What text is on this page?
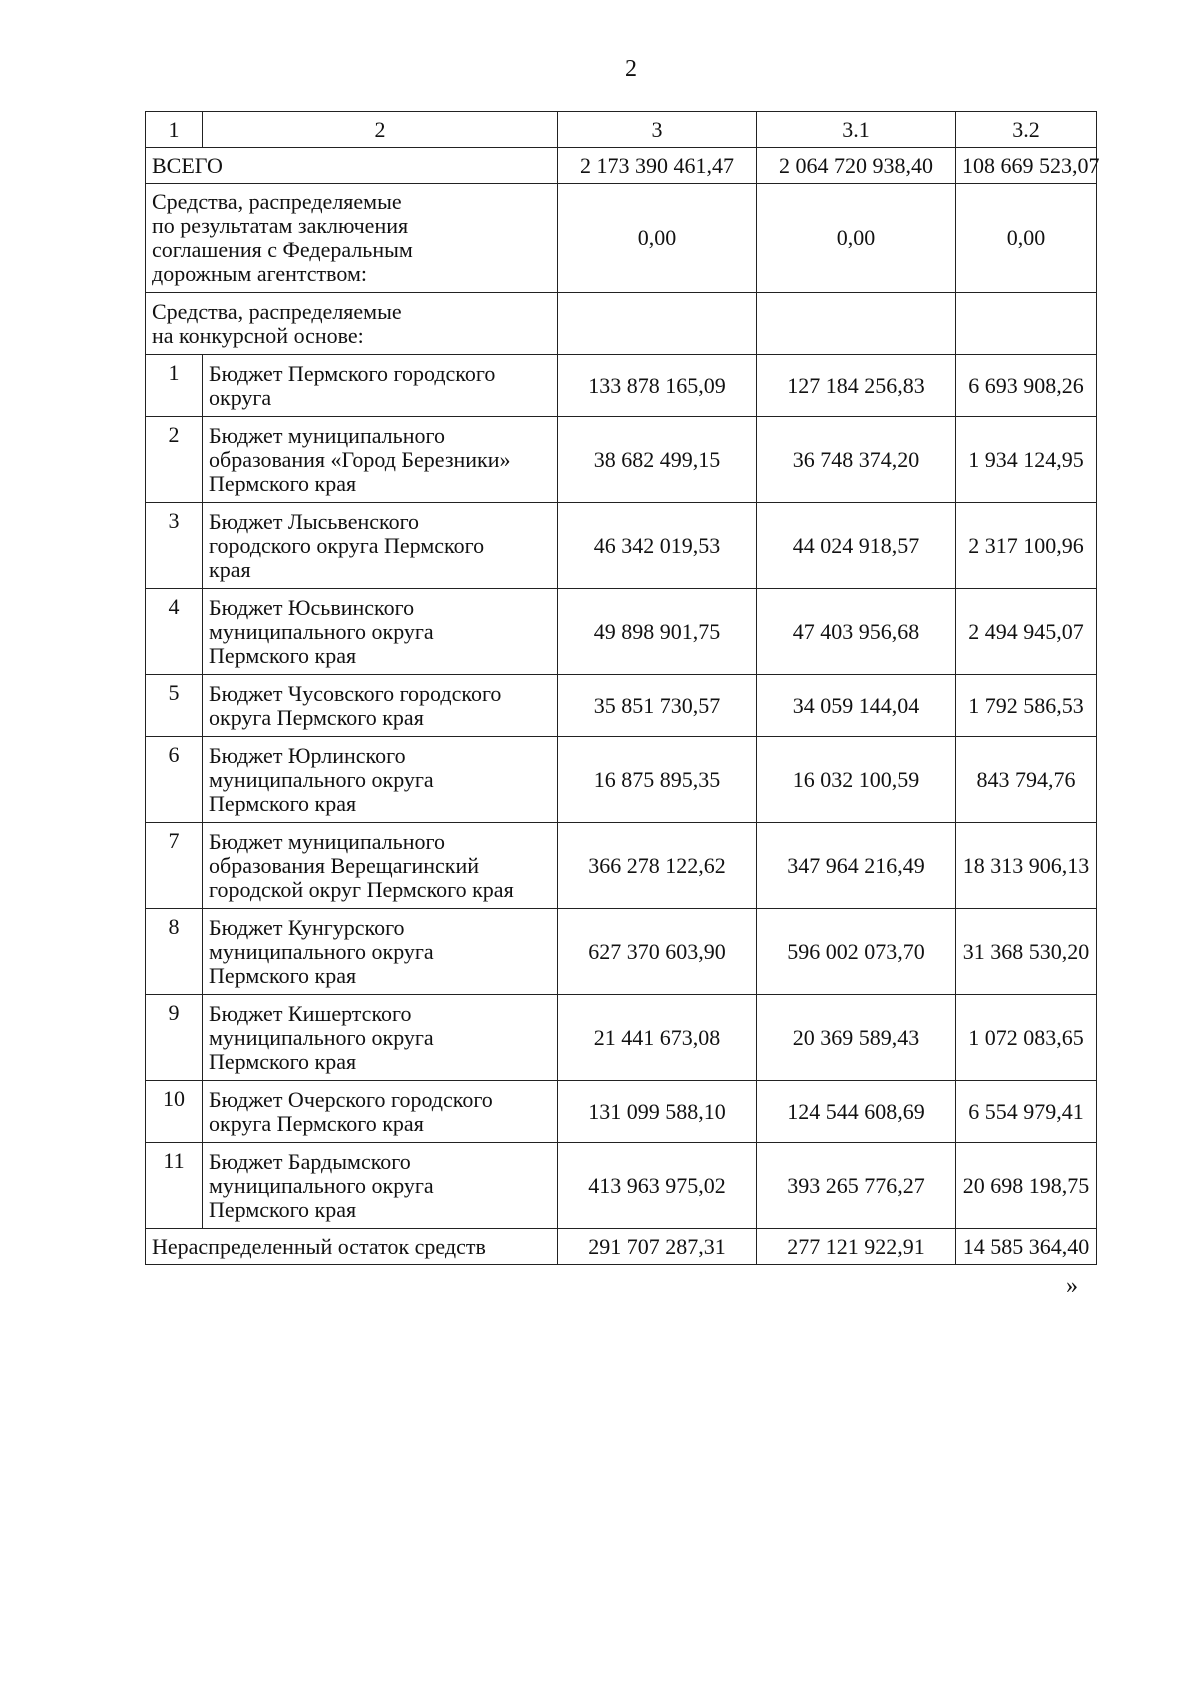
2
1	2	3	3.1	3.2
ВСЕГО		2 173 390 461,47	2 064 720 938,40	108 669 523,07

Средства, распределяемые
по результатам заключения
соглашения с Федеральным
дорожным агентством:		0,00	0,00	0,00

Средства, распределяемые
на конкурсной основе:				

1	Бюджет Пермского городского
округа	133 878 165,09	127 184 256,83	6 693 908,26
2	Бюджет муниципального
образования «Город Березники»
Пермского края	38 682 499,15	36 748 374,20	1 934 124,95
3	Бюджет Лысьвенского
городского округа Пермского
края	46 342 019,53	44 024 918,57	2 317 100,96
4	Бюджет Юсьвинского
муниципального округа
Пермского края	49 898 901,75	47 403 956,68	2 494 945,07
5	Бюджет Чусовского городского
округа Пермского края	35 851 730,57	34 059 144,04	1 792 586,53
6	Бюджет Юрлинского
муниципального округа
Пермского края	16 875 895,35	16 032 100,59	843 794,76
7	Бюджет муниципального
образования Верещагинский
городской округ Пермского края	366 278 122,62	347 964 216,49	18 313 906,13
8	Бюджет Кунгурского
муниципального округа
Пермского края	627 370 603,90	596 002 073,70	31 368 530,20
9	Бюджет Кишертского
муниципального округа
Пермского края	21 441 673,08	20 369 589,43	1 072 083,65
10	Бюджет Очерского городского
округа Пермского края	131 099 588,10	124 544 608,69	6 554 979,41
11	Бюджет Бардымского
муниципального округа
Пермского края	413 963 975,02	393 265 776,27	20 698 198,75
Нераспределенный остаток средств		291 707 287,31	277 121 922,91	14 585 364,40
»
